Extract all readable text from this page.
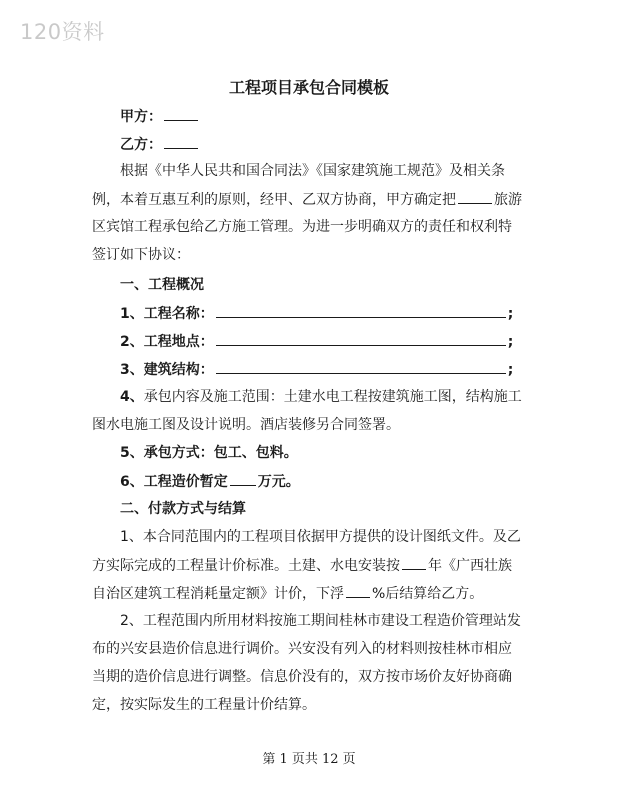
120资料
工程项目承包合同模板
甲方：
乙方：
根据《中华人民共和国合同法》《国家建筑施工规范》及相关条
例，本着互惠互利的原则，经甲、乙双方协商，甲方确定把	旅游
区宾馆工程承包给乙方施工管理。为进一步明确双方的责任和权利特
签订如下协议：
一、工程概况
1、工程名称：	;
2、工程地点：	;
3、建筑结构：	;
4、承包内容及施工范围：土建水电工程按建筑施工图，结构施工
图水电施工图及设计说明。酒店装修另合同签署。
5、承包方式：包工、包料。
6、工程造价暂定 万元。
二、付款方式与结算
1、本合同范围内的工程项目依据甲方提供的设计图纸文件。及乙
方实际完成的工程量计价标准。土建、水电安装按 年《广西壮族
自治区建筑工程消耗量定额》计价，下浮 %后结算给乙方。
2、工程范围内所用材料按施工期间桂林市建设工程造价管理站发
布的兴安县造价信息进行调价。兴安没有列入的材料则按桂林市相应
当期的造价信息进行调整。信息价没有的，双方按市场价友好协商确
定，按实际发生的工程量计价结算。
第 1 页共 12 页
